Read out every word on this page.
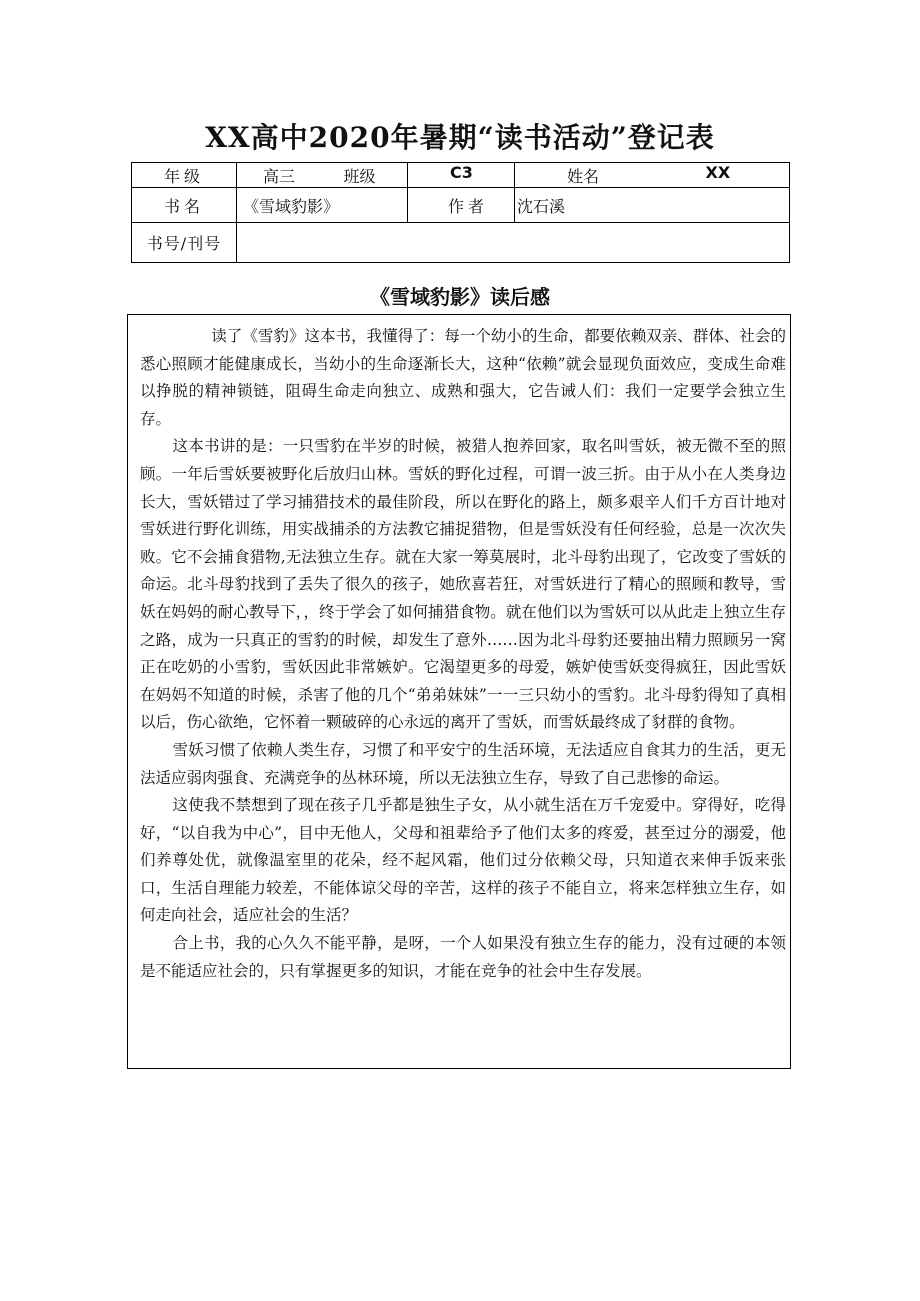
XX高中2020年暑期“读书活动”登记表
年级	高三	班级	C3	姓名	XX
书名	《雪域豹影》		作者	沈石溪	
书号/刊号					
《雪域豹影》读后感

读了《雪豹》这本书，我懂得了：每一个幼小的生命，都要依赖双亲、群体、社会的悉心照顾才能健康成长，当幼小的生命逐渐长大，这种“依赖”就会显现负面效应，变成生命难以挣脱的精神锁链，阻碍生命走向独立、成熟和强大，它告诫人们：我们一定要学会独立生存。

这本书讲的是：一只雪豹在半岁的时候，被猎人抱养回家，取名叫雪妖，被无微不至的照顾。一年后雪妖要被野化后放归山林。雪妖的野化过程，可谓一波三折。由于从小在人类身边长大，雪妖错过了学习捕猎技术的最佳阶段，所以在野化的路上，颇多艰辛人们千方百计地对雪妖进行野化训练，用实战捕杀的方法教它捕捉猎物，但是雪妖没有任何经验，总是一次次失败。它不会捕食猎物,无法独立生存。就在大家一筹莫展时，北斗母豹出现了，它改变了雪妖的命运。北斗母豹找到了丢失了很久的孩子，她欣喜若狂，对雪妖进行了精心的照顾和教导，雪妖在妈妈的耐心教导下，，终于学会了如何捕猎食物。就在他们以为雪妖可以从此走上独立生存之路，成为一只真正的雪豹的时候，却发生了意外……因为北斗母豹还要抽出精力照顾另一窝正在吃奶的小雪豹，雪妖因此非常嫉妒。它渴望更多的母爱，嫉妒使雪妖变得疯狂，因此雪妖在妈妈不知道的时候，杀害了他的几个“弟弟妹妹”一一三只幼小的雪豹。北斗母豹得知了真相以后，伤心欲绝，它怀着一颗破碎的心永远的离开了雪妖，而雪妖最终成了豺群的食物。

雪妖习惯了依赖人类生存，习惯了和平安宁的生活环境，无法适应自食其力的生活，更无法适应弱肉强食、充满竞争的丛林环境，所以无法独立生存，导致了自己悲惨的命运。

这使我不禁想到了现在孩子几乎都是独生子女，从小就生活在万千宠爱中。穿得好，吃得好，“以自我为中心”，目中无他人，父母和祖辈给予了他们太多的疼爱，甚至过分的溺爱，他们养尊处优，就像温室里的花朵，经不起风霜，他们过分依赖父母，只知道衣来伸手饭来张口，生活自理能力较差，不能体谅父母的辛苦，这样的孩子不能自立，将来怎样独立生存，如何走向社会，适应社会的生活？

合上书，我的心久久不能平静，是呀，一个人如果没有独立生存的能力，没有过硬的本领是不能适应社会的，只有掌握更多的知识，才能在竞争的社会中生存发展。
